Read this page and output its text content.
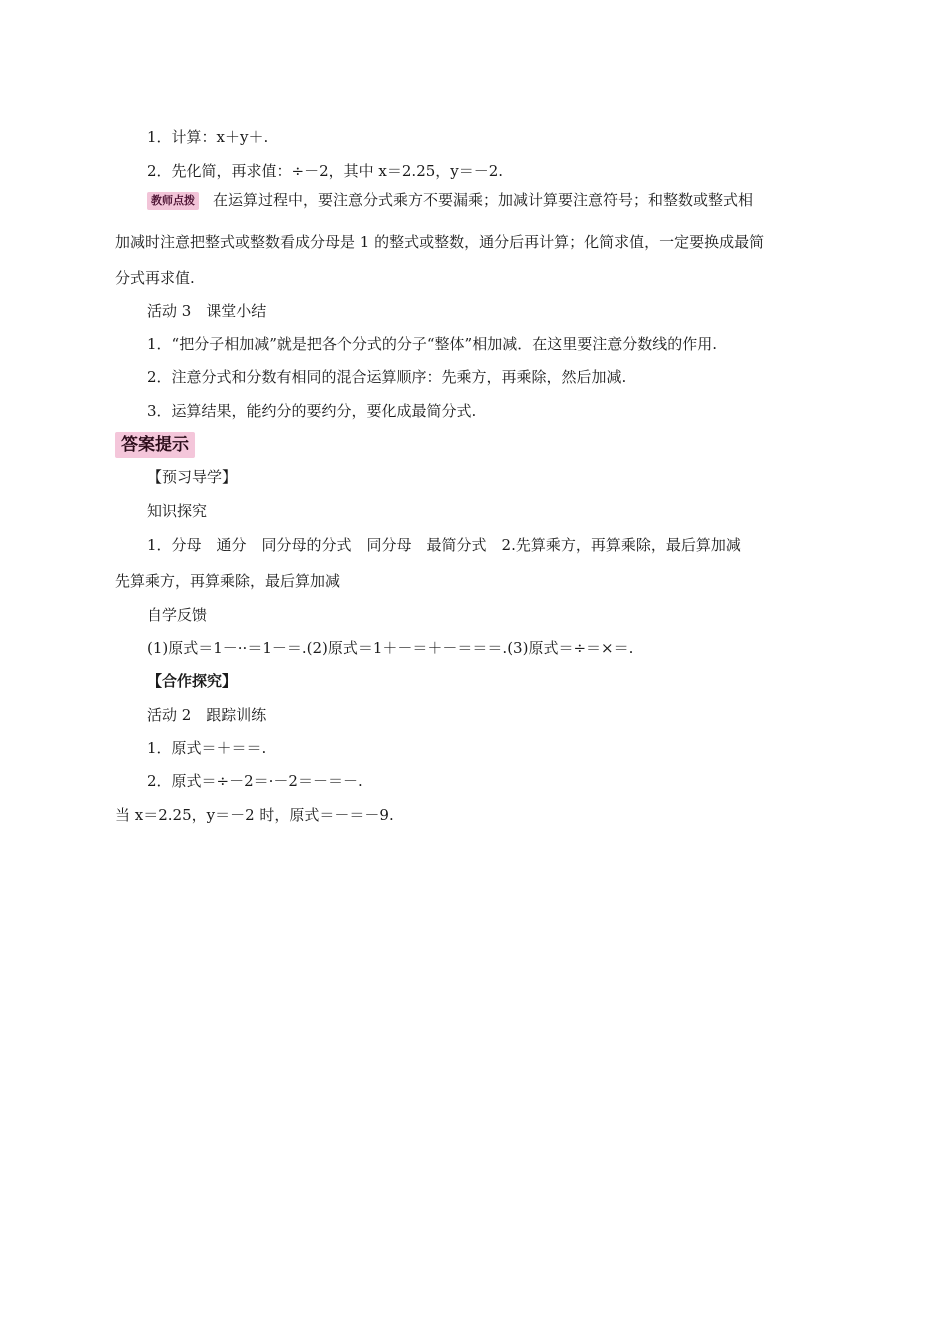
1．计算：x＋y＋.
2．先化简，再求值：÷－2，其中 x＝2.25，y＝－2.
教师点拨 在运算过程中，要注意分式乘方不要漏乘；加减计算要注意符号；和整数或整式相
加减时注意把整式或整数看成分母是 1 的整式或整数，通分后再计算；化简求值，一定要换成最简
分式再求值.
活动 3　课堂小结
1．“把分子相加减”就是把各个分式的分子“整体”相加减．在这里要注意分数线的作用.
2．注意分式和分数有相同的混合运算顺序：先乘方，再乘除，然后加减.
3．运算结果，能约分的要约分，要化成最简分式.
答案提示
【预习导学】
知识探究
1．分母　通分　同分母的分式　同分母　最简分式　2.先算乘方，再算乘除，最后算加减
先算乘方，再算乘除，最后算加减
自学反馈
(1)原式＝1－··＝1－＝.(2)原式＝1＋－＝＋－＝＝＝.(3)原式＝÷＝×＝.
【合作探究】
活动 2　跟踪训练
1．原式＝＋＝＝.
2．原式＝÷－2＝·－2＝－＝－.
当 x＝2.25，y＝－2 时，原式＝－＝－9.
